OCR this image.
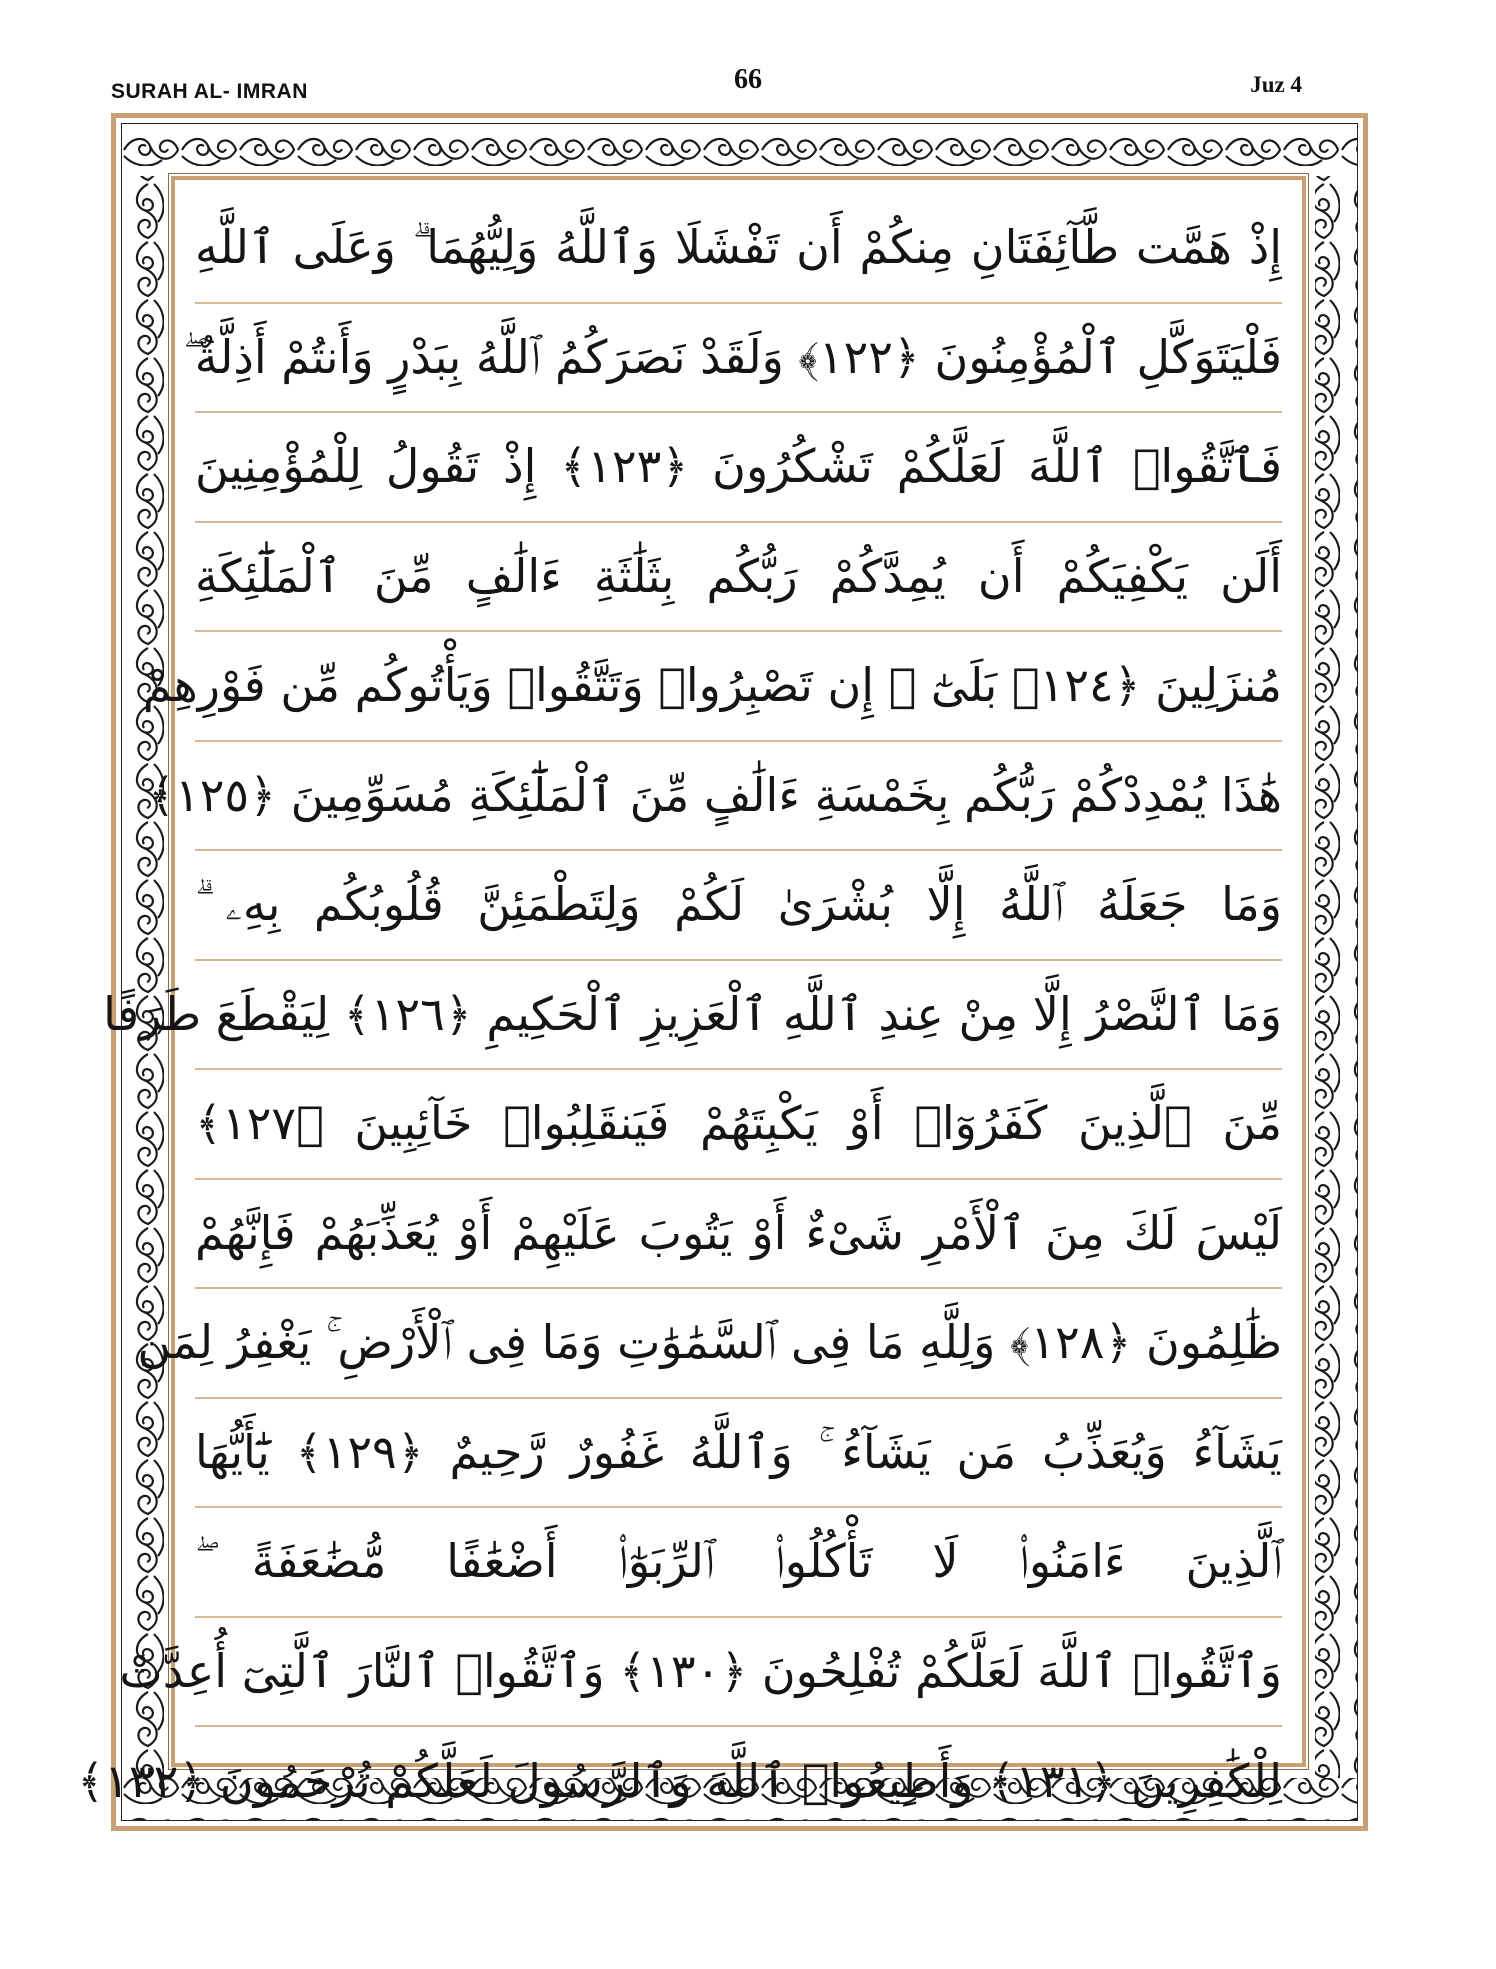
SURAH AL- IMRAN	66	Juz 4
إِذْ هَمَّت طَّآئِفَتَانِ مِنكُمْ أَن تَفْشَلَا وَٱللَّهُ وَلِيُّهُمَا ۗ وَعَلَى ٱللَّهِ
فَلْيَتَوَكَّلِ ٱلْمُؤْمِنُونَ ﴿١٢٢﴾ وَلَقَدْ نَصَرَكُمُ ٱللَّهُ بِبَدْرٍ وَأَنتُمْ أَذِلَّةٌ ۖ
فَٱتَّقُوا۟ ٱللَّهَ لَعَلَّكُمْ تَشْكُرُونَ ﴿١٢٣﴾ إِذْ تَقُولُ لِلْمُؤْمِنِينَ
أَلَن يَكْفِيَكُمْ أَن يُمِدَّكُمْ رَبُّكُم بِثَلَٰثَةِ ءَالَٰفٍ مِّنَ ٱلْمَلَٰٓئِكَةِ
مُنزَلِينَ ﴿١٢٤﴾ بَلَىٰٓ ۚ إِن تَصْبِرُوا۟ وَتَتَّقُوا۟ وَيَأْتُوكُم مِّن فَوْرِهِمْ
هَٰذَا يُمْدِدْكُمْ رَبُّكُم بِخَمْسَةِ ءَالَٰفٍ مِّنَ ٱلْمَلَٰٓئِكَةِ مُسَوِّمِينَ ﴿١٢٥﴾
وَمَا جَعَلَهُ ٱللَّهُ إِلَّا بُشْرَىٰ لَكُمْ وَلِتَطْمَئِنَّ قُلُوبُكُم بِهِۦ ۗ
وَمَا ٱلنَّصْرُ إِلَّا مِنْ عِندِ ٱللَّهِ ٱلْعَزِيزِ ٱلْحَكِيمِ ﴿١٢٦﴾ لِيَقْطَعَ طَرَفًا
مِّنَ ٱلَّذِينَ كَفَرُوٓا۟ أَوْ يَكْبِتَهُمْ فَيَنقَلِبُوا۟ خَآئِبِينَ ﴿١٢٧﴾
لَيْسَ لَكَ مِنَ ٱلْأَمْرِ شَىْءٌ أَوْ يَتُوبَ عَلَيْهِمْ أَوْ يُعَذِّبَهُمْ فَإِنَّهُمْ
ظَٰلِمُونَ ﴿١٢٨﴾ وَلِلَّهِ مَا فِى ٱلسَّمَٰوَٰتِ وَمَا فِى ٱلْأَرْضِ ۚ يَغْفِرُ لِمَن
يَشَآءُ وَيُعَذِّبُ مَن يَشَآءُ ۚ وَٱللَّهُ غَفُورٌ رَّحِيمٌ ﴿١٢٩﴾ يَٰٓأَيُّهَا
ٱلَّذِينَ ءَامَنُوا۟ لَا تَأْكُلُوا۟ ٱلرِّبَوٰٓا۟ أَضْعَٰفًا مُّضَٰعَفَةً ۖ
وَٱتَّقُوا۟ ٱللَّهَ لَعَلَّكُمْ تُفْلِحُونَ ﴿١٣٠﴾ وَٱتَّقُوا۟ ٱلنَّارَ ٱلَّتِىٓ أُعِدَّتْ
لِلْكَٰفِرِينَ ﴿١٣١﴾ وَأَطِيعُوا۟ ٱللَّهَ وَٱلرَّسُولَ لَعَلَّكُمْ تُرْحَمُونَ ﴿١٣٢﴾
